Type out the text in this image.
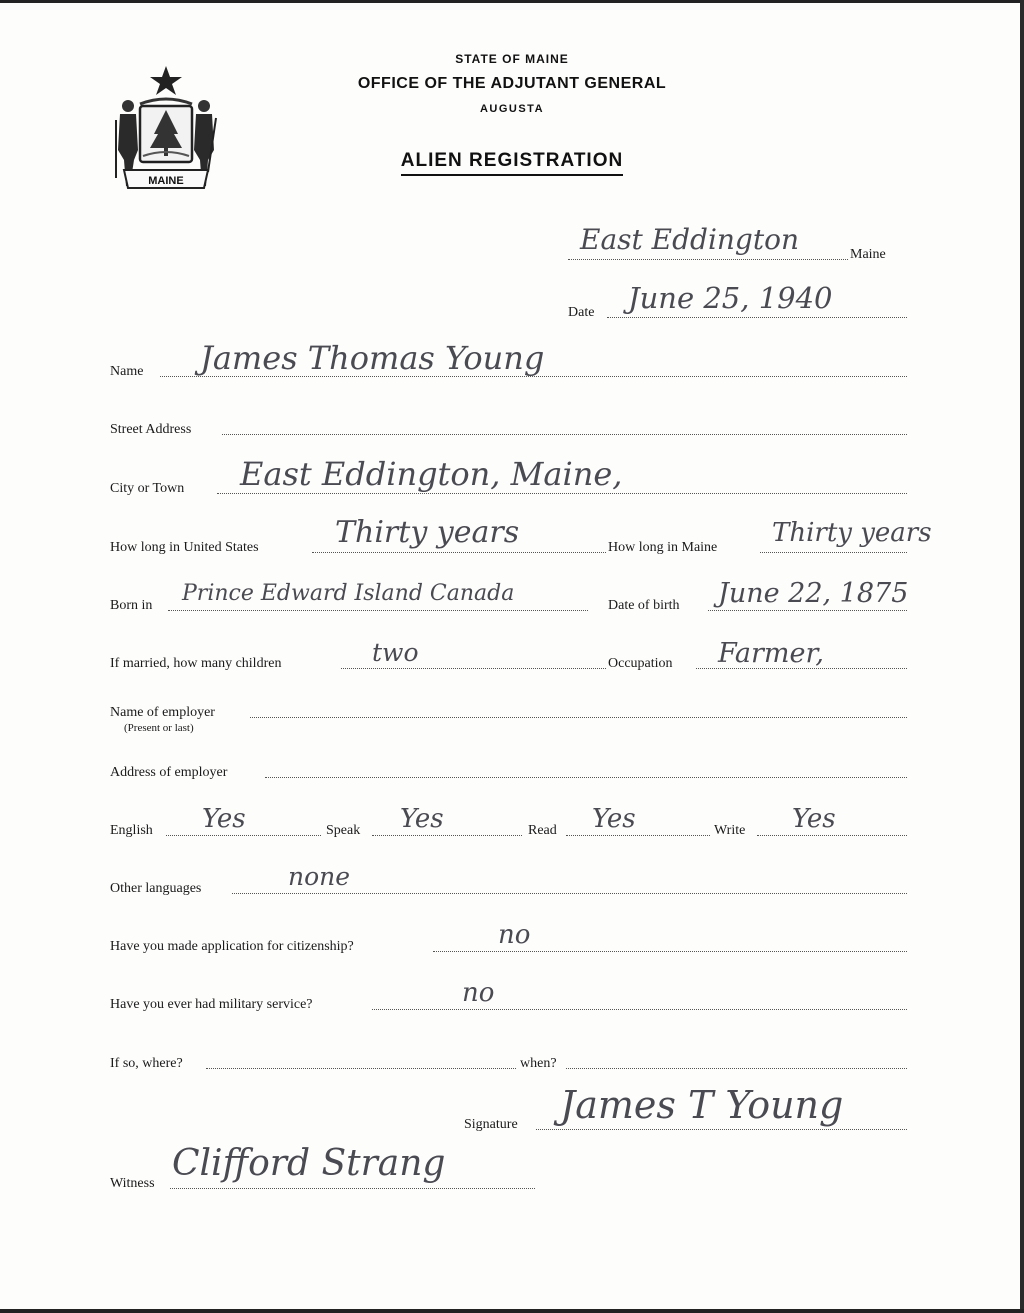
MAINE
STATE OF MAINE
OFFICE OF THE ADJUTANT GENERAL
AUGUSTA
ALIEN REGISTRATION
Maine
East Eddington
Date June 25, 1940
Name James Thomas Young
Street Address
City or Town East Eddington, Maine,
How long in United States	Thirty years	How long in Maine Thirty years
Born in Prince Edward Island Canada	Date of birth June 22, 1875
If married, how many children	two	Occupation Farmer,
Name of employer
(Present or last)
Address of employer
English Yes	Speak Yes	Read Yes	Write Yes
Other languages	none
Have you made application for citizenship?	no
Have you ever had military service?	no
If so, where?	when?
Signature James T Young
Witness Clifford Strang
